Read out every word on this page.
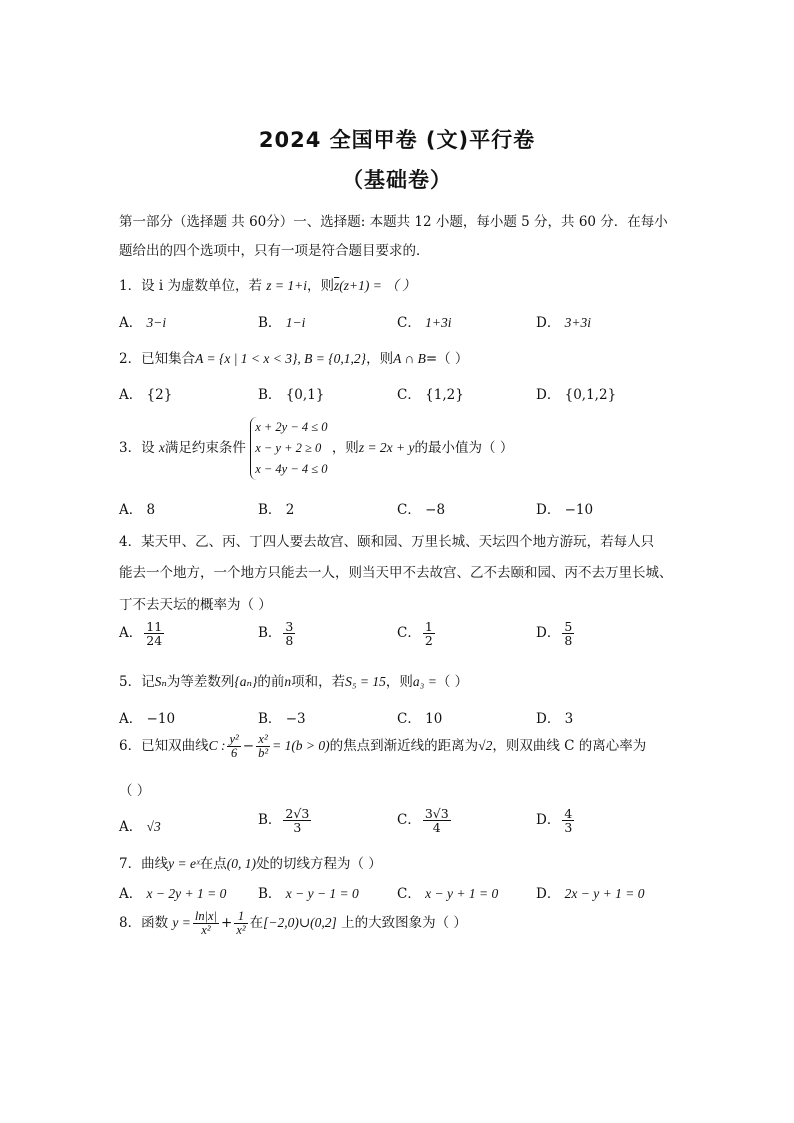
2024 全国甲卷 (文)平行卷
（基础卷）
第一部分（选择题 共 60分）一、选择题: 本题共 12 小题，每小题 5 分，共 60 分．在每小
题给出的四个选项中，只有一项是符合题目要求的．
1．设 i 为虚数单位，若 z = 1+i，则$\overline{z}(z+1)$ = （ ）
A． 3−i	B． 1−i	C． 1+3i	D． 3+3i
2．已知集合A = {x | 1 < x < 3}, B = {0,1,2}，则A ∩ B=（ ）
A． {2}	B． {0,1}	C． {1,2}	D． {0,1,2}
3．设 x满足约束条件
x + 2y − 4 ≤ 0
x − y + 2 ≥ 0
x − 4y − 4 ≤ 0
，则z = 2x + y的最小值为（ ）
A． 8	B． 2	C． −8	D． −10
4．某天甲、乙、丙、丁四人要去故宫、颐和园、万里长城、天坛四个地方游玩，若每人只
能去一个地方，一个地方只能去一人，则当天甲不去故宫、乙不去颐和园、丙不去万里长城、
丁不去天坛的概率为（ ）
A． $\frac{11}{24}$	B． $\frac{3}{8}$	C． $\frac{1}{2}$	D． $\frac{5}{8}$
5．记Sₙ为等差数列{aₙ}的前n项和，若S₅ = 15，则a₃ =（ ）
A． −10	B． −3	C． 10	D． 3
6．已知双曲线C : $\frac{\text{y²}}{6} - \frac{\text{x²}}{\text{b²}} = 1(b > 0)$的焦点到渐近线的距离为√2，则双曲线 C 的离心率为
（ ）
A． √3	B． $\frac{2√3}{3}$	C． $\frac{3√3}{4}$	D． $\frac{4}{3}$
7．曲线y = eˣ在点(0, 1)处的切线方程为（ ）
A． x − 2y + 1 = 0 B． x − y − 1 = 0	C． x − y + 1 = 0	D． 2x − y + 1 = 0
8．函数 $y = \frac{\ln|x|}{\text{x²}} + \frac{1}{\text{x²}}$ 在[−2,0)∪(0,2] 上的大致图象为（ ）
